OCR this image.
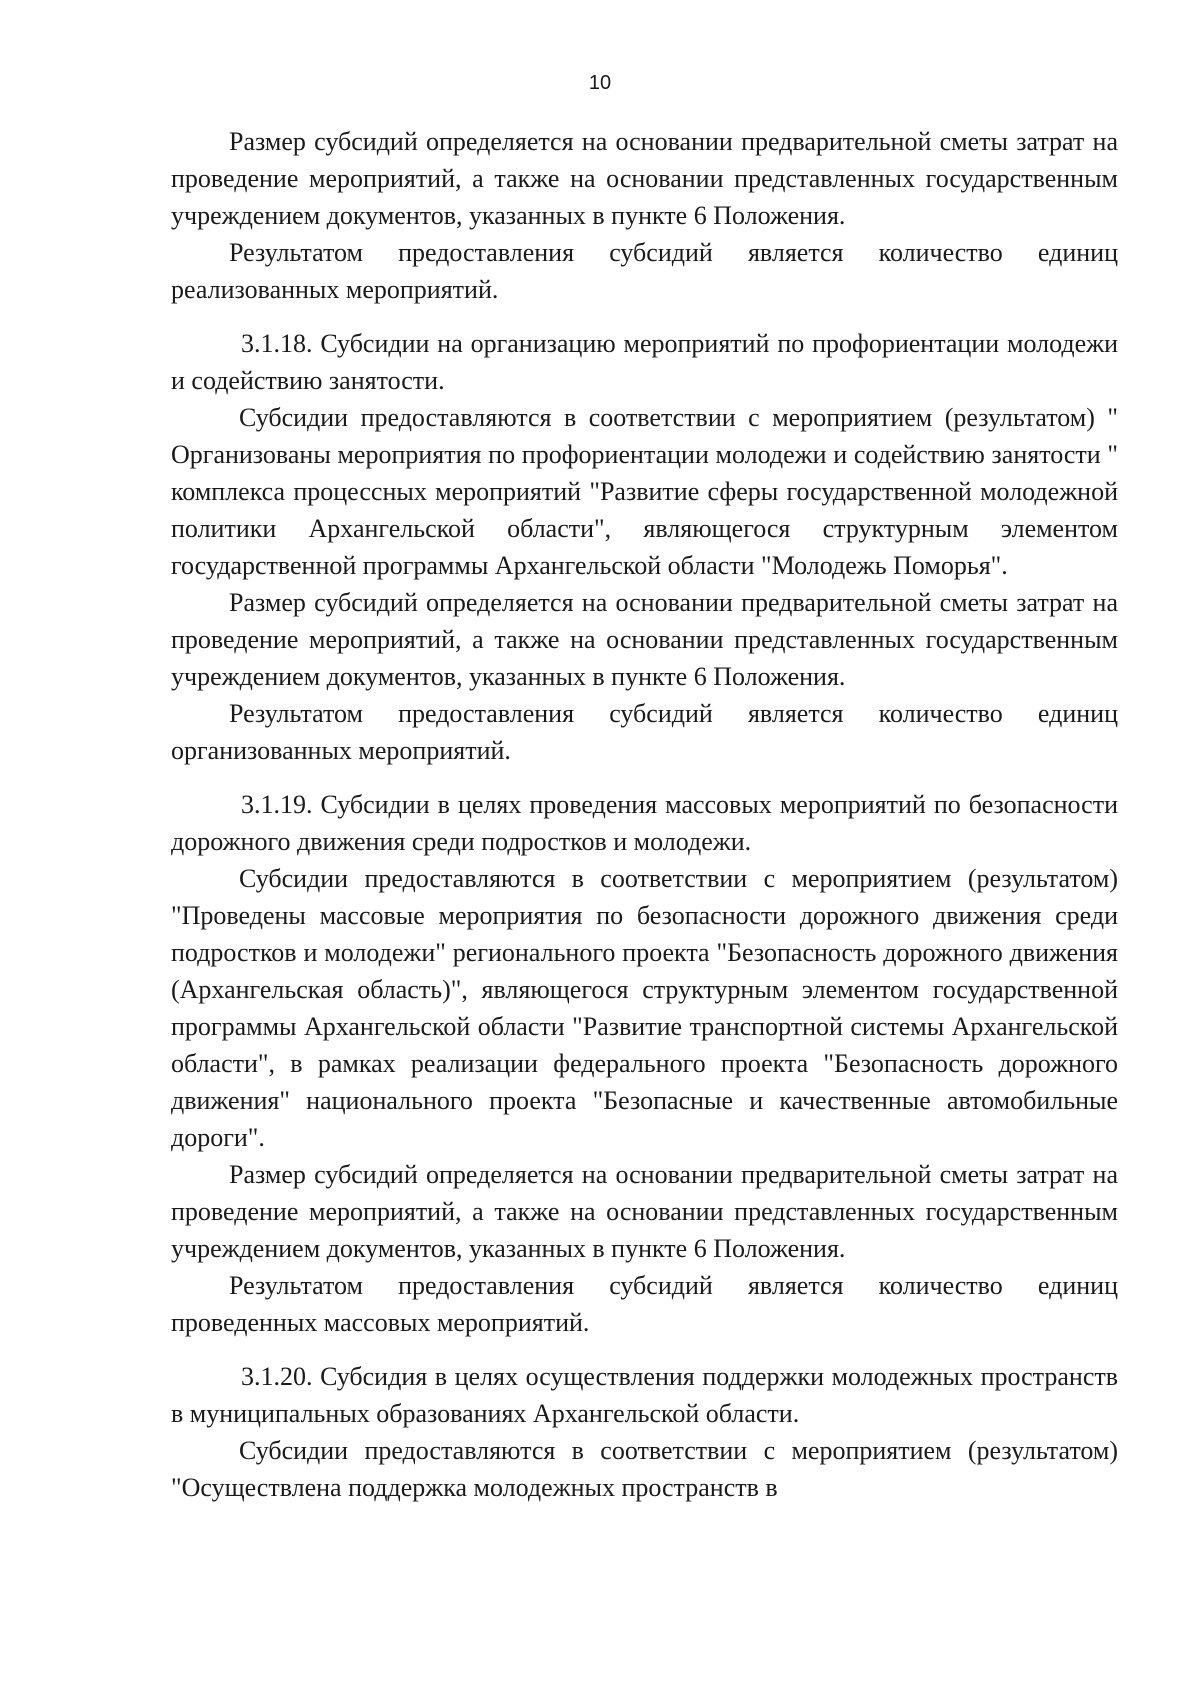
10

Размер субсидий определяется на основании предварительной сметы затрат на проведение мероприятий, а также на основании представленных государственным учреждением документов, указанных в пункте 6 Положения.

Результатом предоставления субсидий является количество единиц реализованных мероприятий.

3.1.18. Субсидии на организацию мероприятий по профориентации молодежи и содействию занятости.

Субсидии предоставляются в соответствии с мероприятием (результатом) " Организованы мероприятия по профориентации молодежи и содействию занятости " комплекса процессных мероприятий "Развитие сферы государственной молодежной политики Архангельской области", являющегося структурным элементом государственной программы Архангельской области "Молодежь Поморья".

Размер субсидий определяется на основании предварительной сметы затрат на проведение мероприятий, а также на основании представленных государственным учреждением документов, указанных в пункте 6 Положения.

Результатом предоставления субсидий является количество единиц организованных мероприятий.

3.1.19. Субсидии в целях проведения массовых мероприятий по безопасности дорожного движения среди подростков и молодежи.

Субсидии предоставляются в соответствии с мероприятием (результатом) "Проведены массовые мероприятия по безопасности дорожного движения среди подростков и молодежи" регионального проекта "Безопасность дорожного движения (Архангельская область)", являющегося структурным элементом государственной программы Архангельской области "Развитие транспортной системы Архангельской области", в рамках реализации федерального проекта "Безопасность дорожного движения" национального проекта "Безопасные и качественные автомобильные дороги".

Размер субсидий определяется на основании предварительной сметы затрат на проведение мероприятий, а также на основании представленных государственным учреждением документов, указанных в пункте 6 Положения.

Результатом предоставления субсидий является количество единиц проведенных массовых мероприятий.

3.1.20. Субсидия в целях осуществления поддержки молодежных пространств в муниципальных образованиях Архангельской области.

Субсидии предоставляются в соответствии с мероприятием (результатом) "Осуществлена поддержка молодежных пространств в
